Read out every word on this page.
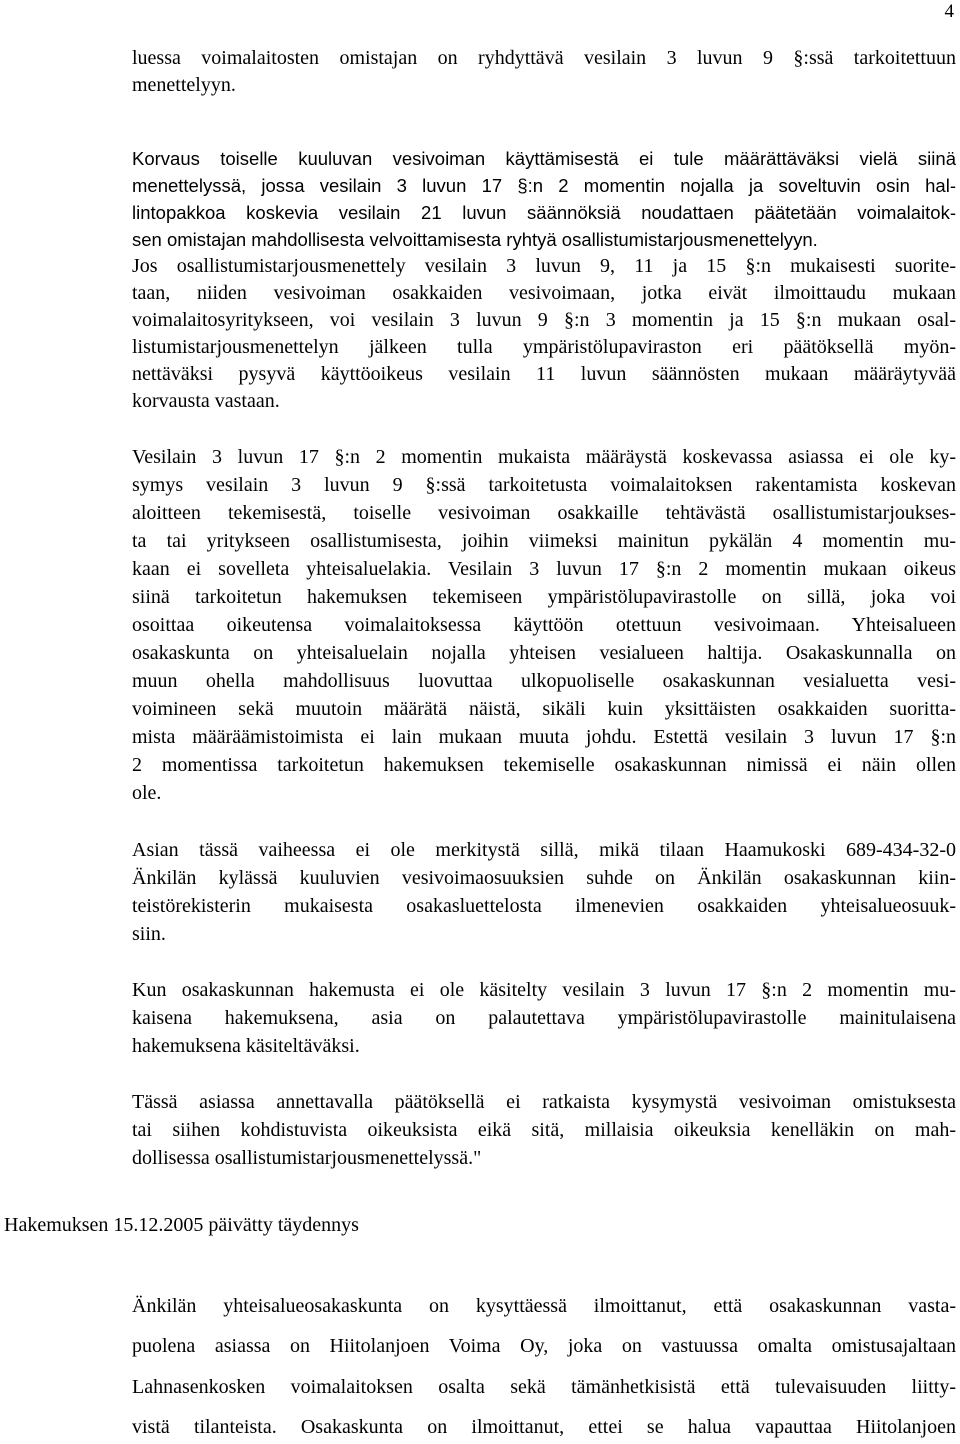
4
luessa voimalaitosten omistajan on ryhdyttävä vesilain 3 luvun 9 §:ssä tarkoitettuun
menettelyyn.
Korvaus toiselle kuuluvan vesivoiman käyttämisestä ei tule määrättäväksi vielä siinä
menettelyssä, jossa vesilain 3 luvun 17 §:n 2 momentin nojalla ja soveltuvin osin hal-
lintopakkoa koskevia vesilain 21 luvun säännöksiä noudattaen päätetään voimalaitok-
sen omistajan mahdollisesta velvoittamisesta ryhtyä osallistumistarjousmenettelyyn.
Jos osallistumistarjousmenettely vesilain 3 luvun 9, 11 ja 15 §:n mukaisesti suorite-
taan, niiden vesivoiman osakkaiden vesivoimaan, jotka eivät ilmoittaudu mukaan
voimalaitosyritykseen, voi vesilain 3 luvun 9 §:n 3 momentin ja 15 §:n mukaan osal-
listumistarjousmenettelyn jälkeen tulla ympäristölupaviraston eri päätöksellä myön-
nettäväksi pysyvä käyttöoikeus vesilain 11 luvun säännösten mukaan määräytyvää
korvausta vastaan.
Vesilain 3 luvun 17 §:n 2 momentin mukaista määräystä koskevassa asiassa ei ole ky-
symys vesilain 3 luvun 9 §:ssä tarkoitetusta voimalaitoksen rakentamista koskevan
aloitteen tekemisestä, toiselle vesivoiman osakkaille tehtävästä osallistumistarjoukses-
ta tai yritykseen osallistumisesta, joihin viimeksi mainitun pykälän 4 momentin mu-
kaan ei sovelleta yhteisaluelakia. Vesilain 3 luvun 17 §:n 2 momentin mukaan oikeus
siinä tarkoitetun hakemuksen tekemiseen ympäristölupavirastolle on sillä, joka voi
osoittaa oikeutensa voimalaitoksessa käyttöön otettuun vesivoimaan. Yhteisalueen
osakaskunta on yhteisaluelain nojalla yhteisen vesialueen haltija. Osakaskunnalla on
muun ohella mahdollisuus luovuttaa ulkopuoliselle osakaskunnan vesialuetta vesi-
voimineen sekä muutoin määrätä näistä, sikäli kuin yksittäisten osakkaiden suoritta-
mista määräämistoimista ei lain mukaan muuta johdu. Estettä vesilain 3 luvun 17 §:n
2 momentissa tarkoitetun hakemuksen tekemiselle osakaskunnan nimissä ei näin ollen
ole.
Asian tässä vaiheessa ei ole merkitystä sillä, mikä tilaan Haamukoski 689-434-32-0
Änkilän kylässä kuuluvien vesivoimaosuuksien suhde on Änkilän osakaskunnan kiin-
teistörekisterin mukaisesta osakasluettelosta ilmenevien osakkaiden yhteisalueosuuk-
siin.
Kun osakaskunnan hakemusta ei ole käsitelty vesilain 3 luvun 17 §:n 2 momentin mu-
kaisena hakemuksena, asia on palautettava ympäristölupavirastolle mainitulaisena
hakemuksena käsiteltäväksi.
Tässä asiassa annettavalla päätöksellä ei ratkaista kysymystä vesivoiman omistuksesta
tai siihen kohdistuvista oikeuksista eikä sitä, millaisia oikeuksia kenelläkin on mah-
dollisessa osallistumistarjousmenettelyssä."
Hakemuksen 15.12.2005 päivätty täydennys
Änkilän yhteisalueosakaskunta on kysyttäessä ilmoittanut, että osakaskunnan vasta-
puolena asiassa on Hiitolanjoen Voima Oy, joka on vastuussa omalta omistusajaltaan
Lahnasenkosken voimalaitoksen osalta sekä tämänhetkisistä että tulevaisuuden liitty-
vistä tilanteista. Osakaskunta on ilmoittanut, ettei se halua vapauttaa Hiitolanjoen
